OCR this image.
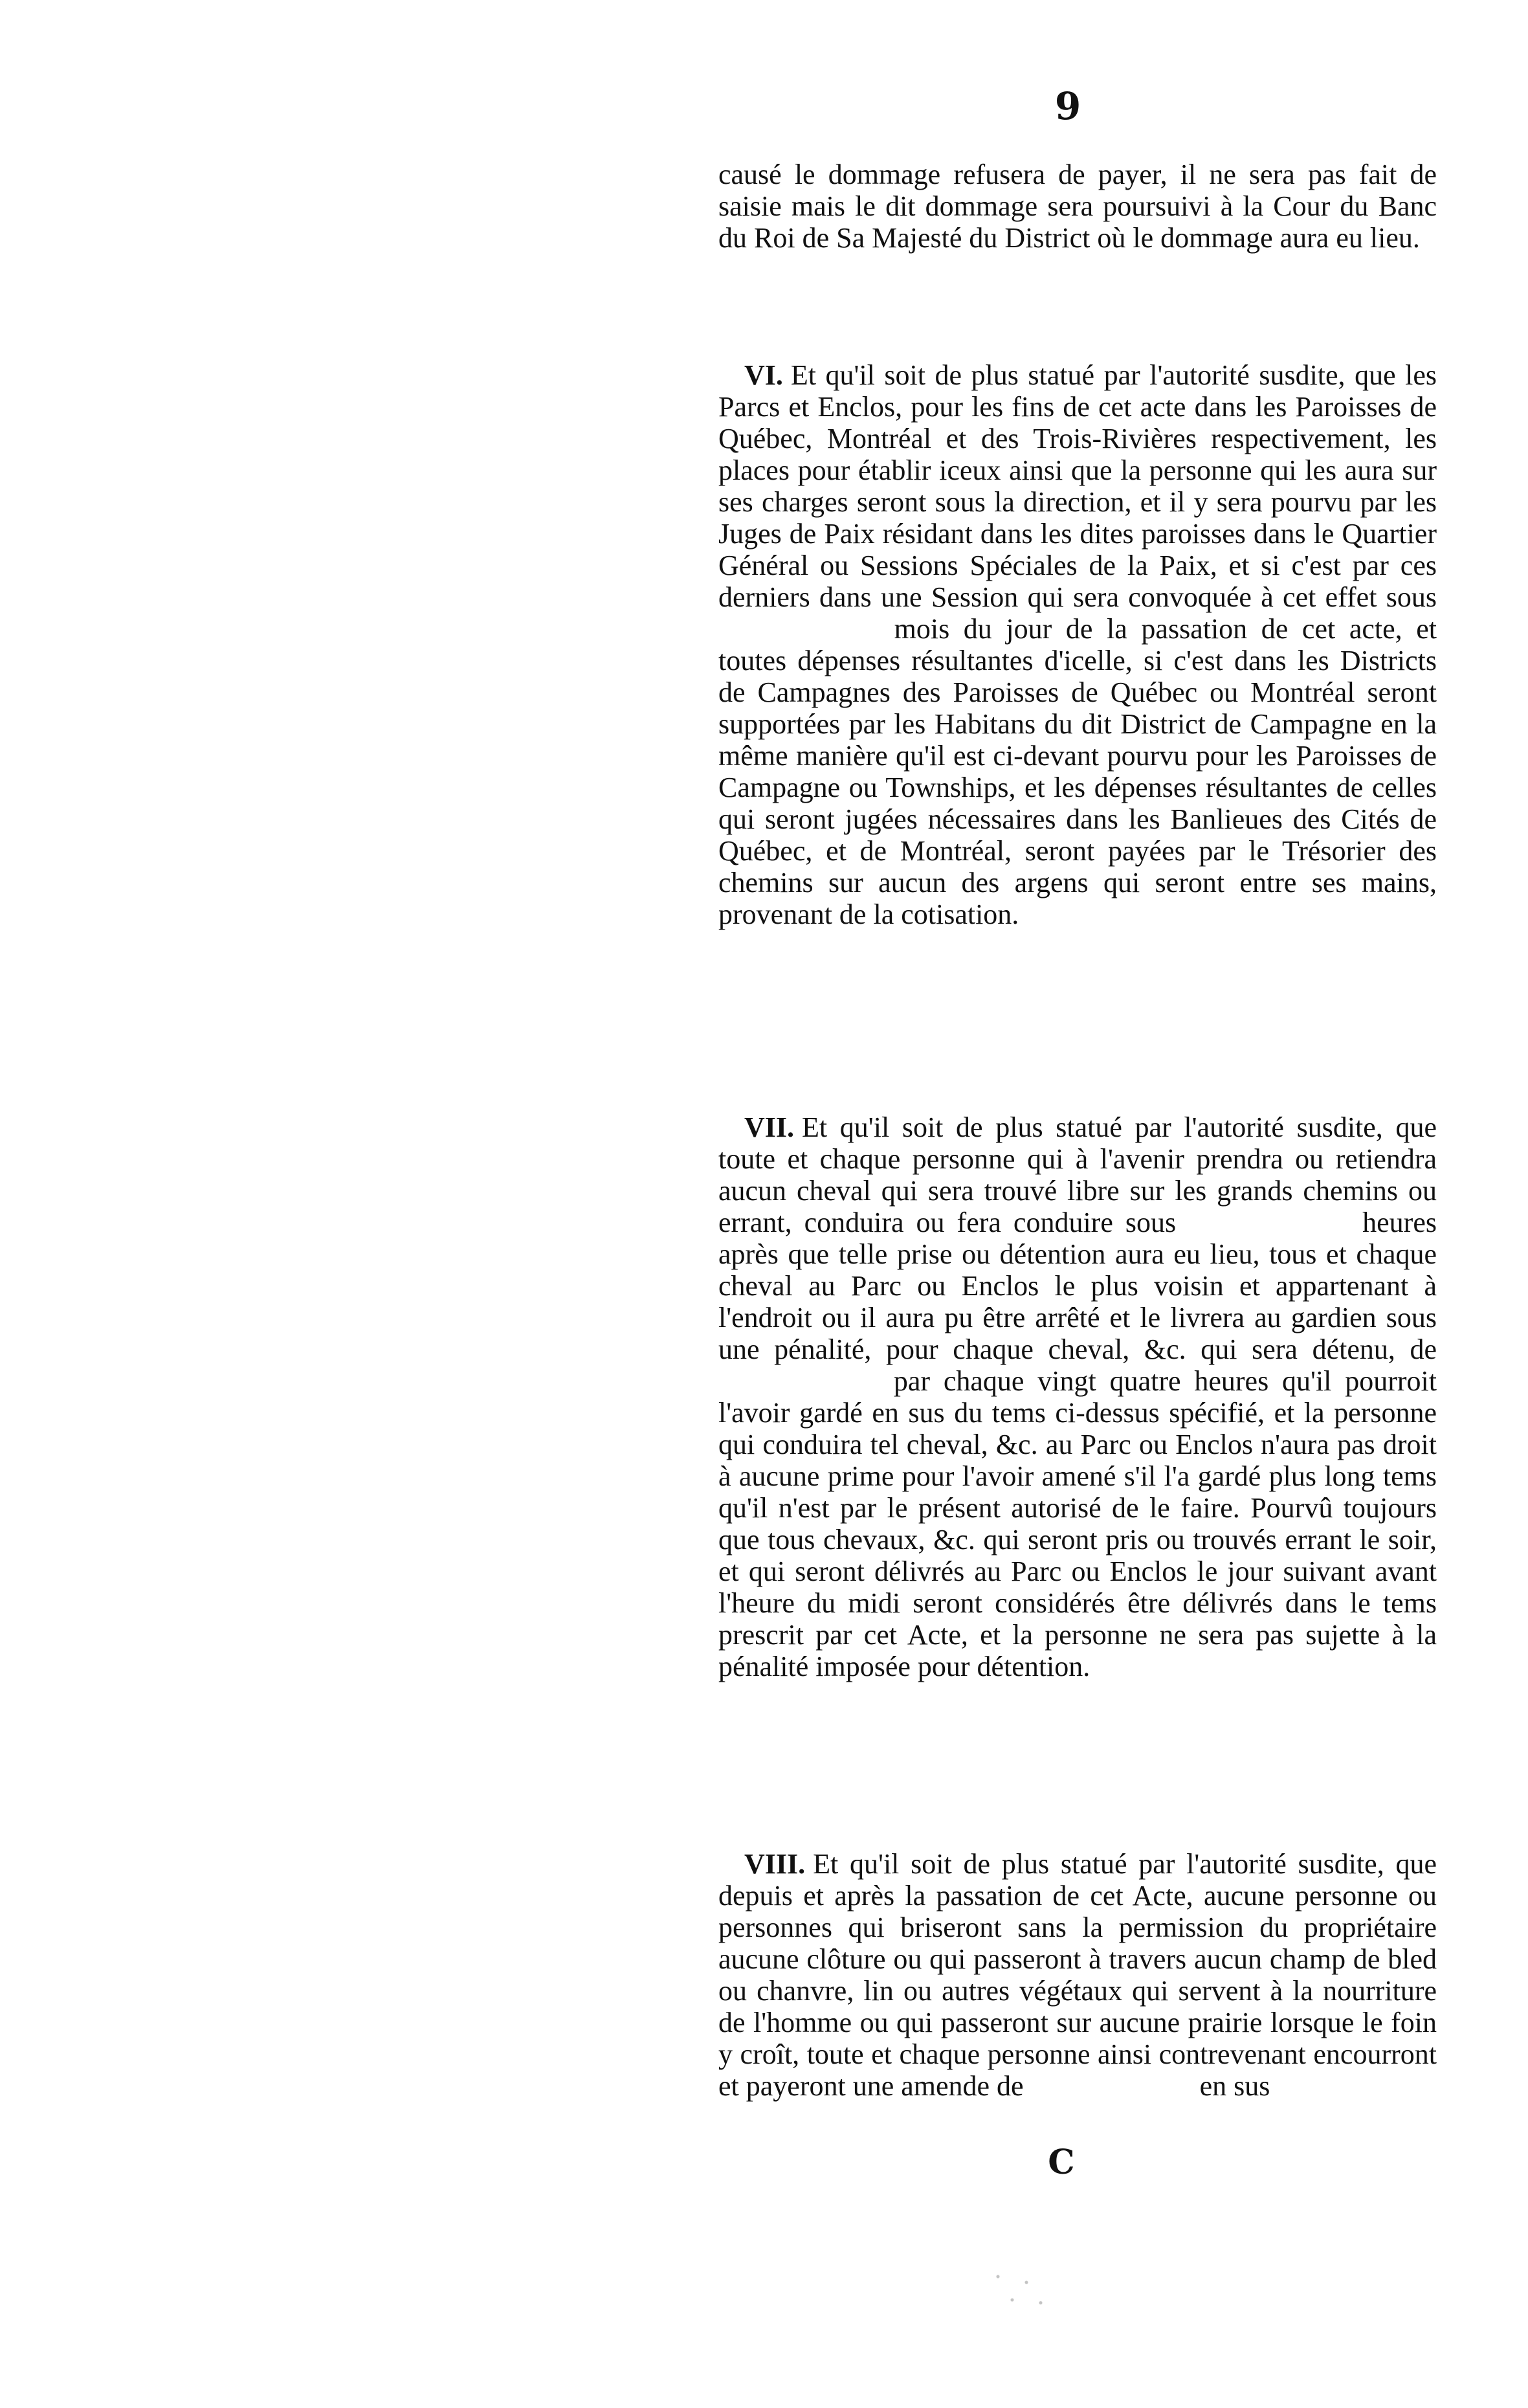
9

causé le dommage refusera de payer, il ne sera pas fait de saisie mais le dit dommage sera poursuivi à la Cour du Banc du Roi de Sa Majesté du District où le dommage aura eu lieu.

VI. Et qu'il soit de plus statué par l'autorité susdite, que les Parcs et Enclos, pour les fins de cet acte dans les Paroisses de Québec, Montréal et des Trois-Rivières respectivement, les places pour établir iceux ainsi que la personne qui les aura sur ses charges seront sous la direction, et il y sera pourvu par les Juges de Paix résidant dans les dites paroisses dans le Quartier Général ou Sessions Spéciales de la Paix, et si c'est par ces derniers dans une Session qui sera convoquée à cet effet sous  mois du jour de la passation de cet acte, et toutes dépenses résultantes d'icelle, si c'est dans les Districts de Campagnes des Paroisses de Québec ou Montréal seront supportées par les Habitans du dit District de Campagne en la même manière qu'il est ci-devant pourvu pour les Paroisses de Campagne ou Townships, et les dépenses résultantes de celles qui seront jugées nécessaires dans les Banlieues des Cités de Québec, et de Montréal, seront payées par le Trésorier des chemins sur aucun des argens qui seront entre ses mains, provenant de la cotisation.

VII. Et qu'il soit de plus statué par l'autorité susdite, que toute et chaque personne qui à l'avenir prendra ou retiendra aucun cheval qui sera trouvé libre sur les grands chemins ou errant, conduira ou fera conduire sous	heures après que telle prise ou détention aura eu lieu, tous et chaque cheval au Parc ou Enclos le plus voisin et appartenant à l'endroit ou il aura pu être arrêté et le livrera au gardien sous une pénalité, pour chaque cheval, &c. qui sera détenu, de  par chaque vingt quatre heures qu'il pourroit l'avoir gardé en sus du tems ci-dessus spécifié, et la personne qui conduira tel cheval, &c. au Parc ou Enclos n'aura pas droit à aucune prime pour l'avoir amené s'il l'a gardé plus long tems qu'il n'est par le présent autorisé de le faire. Pourvû toujours que tous chevaux, &c. qui seront pris ou trouvés errant le soir, et qui seront délivrés au Parc ou Enclos le jour suivant avant l'heure du midi seront considérés être délivrés dans le tems prescrit par cet Acte, et la personne ne sera pas sujette à la pénalité imposée pour détention.

VIII. Et qu'il soit de plus statué par l'autorité susdite, que depuis et après la passation de cet Acte, aucune personne ou personnes qui briseront sans la permission du propriétaire aucune clôture ou qui passeront à travers aucun champ de bled ou chanvre, lin ou autres végétaux qui servent à la nourriture de l'homme ou qui passeront sur aucune prairie lorsque le foin y croît, toute et chaque personne ainsi contrevenant encourront et payeront une amende de	en sus

C
